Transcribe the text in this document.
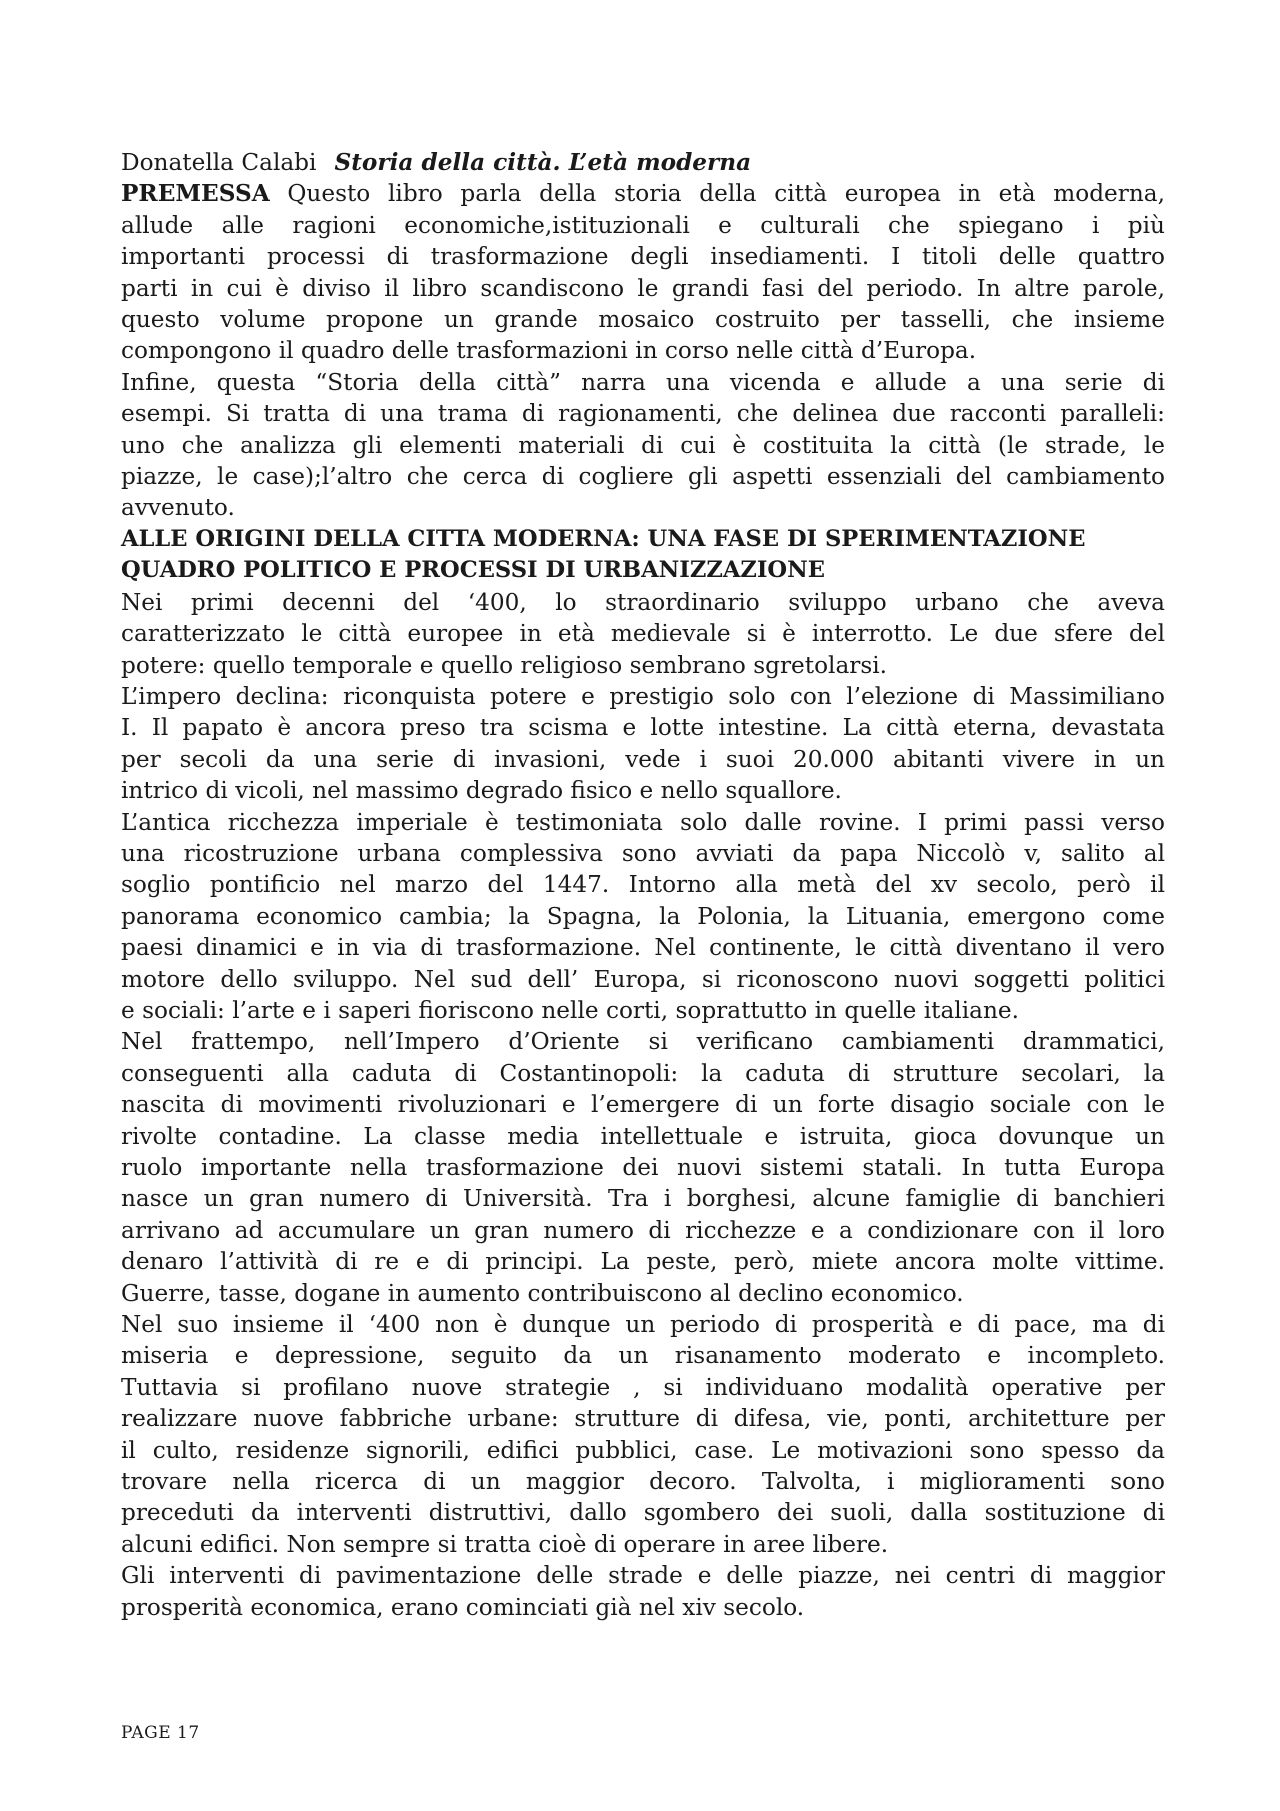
Donatella Calabi Storia della città. L’età moderna
PREMESSA Questo libro parla della storia della città europea in età moderna,
allude alle ragioni economiche,istituzionali e culturali che spiegano i più
importanti processi di trasformazione degli insediamenti. I titoli delle quattro
parti in cui è diviso il libro scandiscono le grandi fasi del periodo. In altre parole,
questo volume propone un grande mosaico costruito per tasselli, che insieme
compongono il quadro delle trasformazioni in corso nelle città d’Europa.
Infine, questa “Storia della città” narra una vicenda e allude a una serie di
esempi. Si tratta di una trama di ragionamenti, che delinea due racconti paralleli:
uno che analizza gli elementi materiali di cui è costituita la città (le strade, le
piazze, le case);l’altro che cerca di cogliere gli aspetti essenziali del cambiamento
avvenuto.
ALLE ORIGINI DELLA CITTA MODERNA: UNA FASE DI SPERIMENTAZIONE
QUADRO POLITICO E PROCESSI DI URBANIZZAZIONE
Nei primi decenni del ‘400, lo straordinario sviluppo urbano che aveva
caratterizzato le città europee in età medievale si è interrotto. Le due sfere del
potere: quello temporale e quello religioso sembrano sgretolarsi.
L’impero declina: riconquista potere e prestigio solo con l’elezione di Massimiliano
I. Il papato è ancora preso tra scisma e lotte intestine. La città eterna, devastata
per secoli da una serie di invasioni, vede i suoi 20.000 abitanti vivere in un
intrico di vicoli, nel massimo degrado fisico e nello squallore.
L’antica ricchezza imperiale è testimoniata solo dalle rovine. I primi passi verso
una ricostruzione urbana complessiva sono avviati da papa Niccolò v, salito al
soglio pontificio nel marzo del 1447. Intorno alla metà del xv secolo, però il
panorama economico cambia; la Spagna, la Polonia, la Lituania, emergono come
paesi dinamici e in via di trasformazione. Nel continente, le città diventano il vero
motore dello sviluppo. Nel sud dell’ Europa, si riconoscono nuovi soggetti politici
e sociali: l’arte e i saperi fioriscono nelle corti, soprattutto in quelle italiane.
Nel frattempo, nell’Impero d’Oriente si verificano cambiamenti drammatici,
conseguenti alla caduta di Costantinopoli: la caduta di strutture secolari, la
nascita di movimenti rivoluzionari e l’emergere di un forte disagio sociale con le
rivolte contadine. La classe media intellettuale e istruita, gioca dovunque un
ruolo importante nella trasformazione dei nuovi sistemi statali. In tutta Europa
nasce un gran numero di Università. Tra i borghesi, alcune famiglie di banchieri
arrivano ad accumulare un gran numero di ricchezze e a condizionare con il loro
denaro l’attività di re e di principi. La peste, però, miete ancora molte vittime.
Guerre, tasse, dogane in aumento contribuiscono al declino economico.
Nel suo insieme il ‘400 non è dunque un periodo di prosperità e di pace, ma di
miseria e depressione, seguito da un risanamento moderato e incompleto.
Tuttavia si profilano nuove strategie , si individuano modalità operative per
realizzare nuove fabbriche urbane: strutture di difesa, vie, ponti, architetture per
il culto, residenze signorili, edifici pubblici, case. Le motivazioni sono spesso da
trovare nella ricerca di un maggior decoro. Talvolta, i miglioramenti sono
preceduti da interventi distruttivi, dallo sgombero dei suoli, dalla sostituzione di
alcuni edifici. Non sempre si tratta cioè di operare in aree libere.
Gli interventi di pavimentazione delle strade e delle piazze, nei centri di maggior
prosperità economica, erano cominciati già nel xiv secolo.
PAGE 17
